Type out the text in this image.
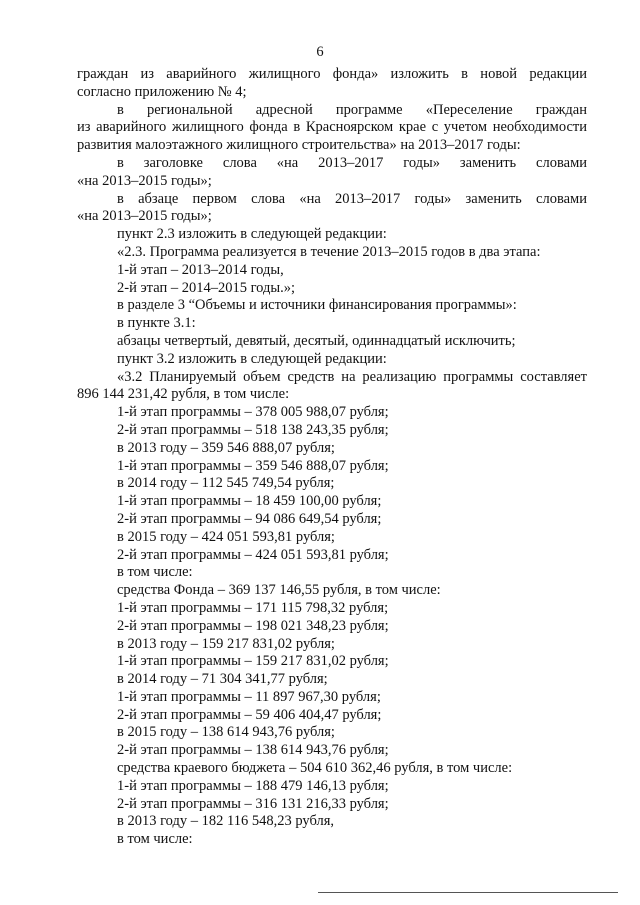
6
граждан из аварийного жилищного фонда» изложить в новой редакции
согласно приложению № 4;
в региональной адресной программе «Переселение граждан
из аварийного жилищного фонда в Красноярском крае с учетом необходимости
развития малоэтажного жилищного строительства» на 2013–2017 годы:
в заголовке слова «на 2013–2017 годы» заменить словами
«на 2013–2015 годы»;
в абзаце первом слова «на 2013–2017 годы» заменить словами
«на 2013–2015 годы»;
пункт 2.3 изложить в следующей редакции:
«2.3. Программа реализуется в течение 2013–2015 годов в два этапа:
1-й этап – 2013–2014 годы,
2-й этап – 2014–2015 годы.»;
в разделе 3 “Объемы и источники финансирования программы»:
в пункте 3.1:
абзацы четвертый, девятый, десятый, одиннадцатый исключить;
пункт 3.2 изложить в следующей редакции:
«3.2 Планируемый объем средств на реализацию программы составляет
896 144 231,42 рубля, в том числе:
1-й этап программы – 378 005 988,07 рубля;
2-й этап программы – 518 138 243,35 рубля;
в 2013 году – 359 546 888,07 рубля;
1-й этап программы – 359 546 888,07 рубля;
в 2014 году – 112 545 749,54 рубля;
1-й этап программы – 18 459 100,00 рубля;
2-й этап программы – 94 086 649,54 рубля;
в 2015 году – 424 051 593,81 рубля;
2-й этап программы – 424 051 593,81 рубля;
в том числе:
средства Фонда – 369 137 146,55 рубля, в том числе:
1-й этап программы – 171 115 798,32 рубля;
2-й этап программы – 198 021 348,23 рубля;
в 2013 году – 159 217 831,02 рубля;
1-й этап программы – 159 217 831,02 рубля;
в 2014 году – 71 304 341,77 рубля;
1-й этап программы – 11 897 967,30 рубля;
2-й этап программы – 59 406 404,47 рубля;
в 2015 году – 138 614 943,76 рубля;
2-й этап программы – 138 614 943,76 рубля;
средства краевого бюджета – 504 610 362,46 рубля, в том числе:
1-й этап программы – 188 479 146,13 рубля;
2-й этап программы – 316 131 216,33 рубля;
в 2013 году – 182 116 548,23 рубля,
в том числе:
